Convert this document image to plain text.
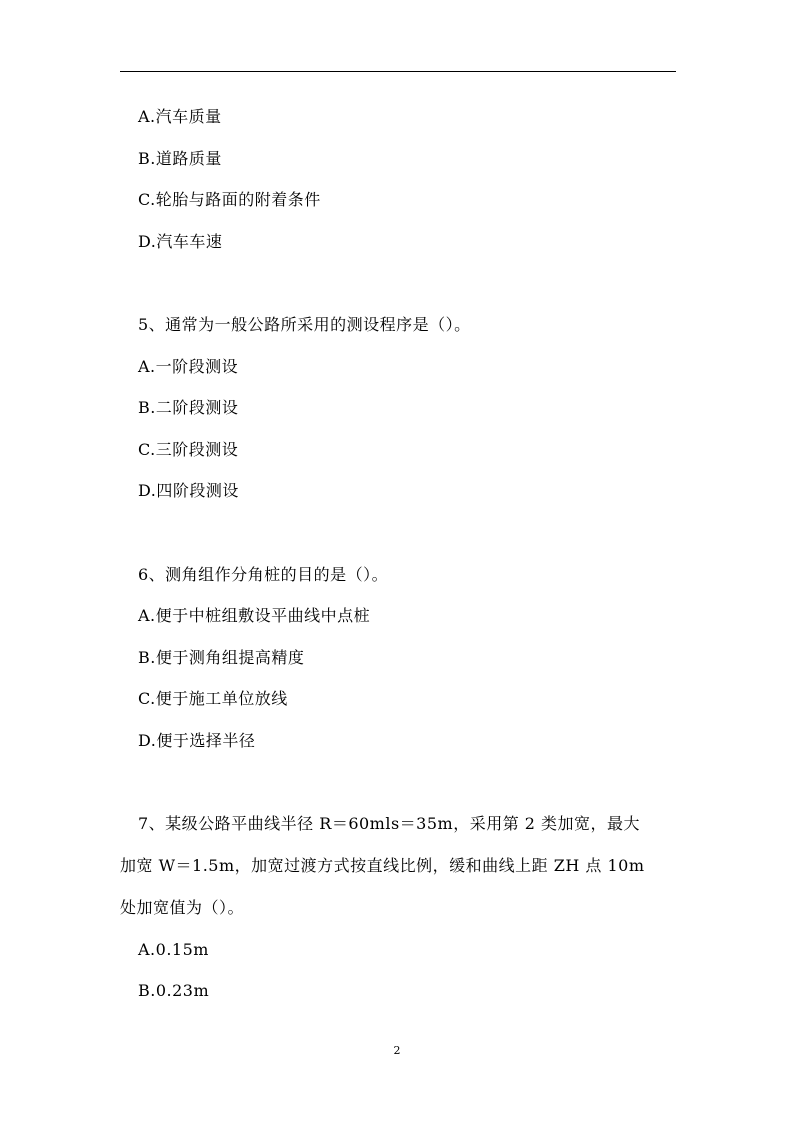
A.汽车质量
B.道路质量
C.轮胎与路面的附着条件
D.汽车车速
5、通常为一般公路所采用的测设程序是（）。
A.一阶段测设
B.二阶段测设
C.三阶段测设
D.四阶段测设
6、测角组作分角桩的目的是（）。
A.便于中桩组敷设平曲线中点桩
B.便于测角组提高精度
C.便于施工单位放线
D.便于选择半径
7、某级公路平曲线半径 R＝60mls＝35m，采用第 2 类加宽，最大
加宽 W＝1.5m，加宽过渡方式按直线比例，缓和曲线上距 ZH 点 10m
处加宽值为（）。
A.0.15m
B.0.23m
2
